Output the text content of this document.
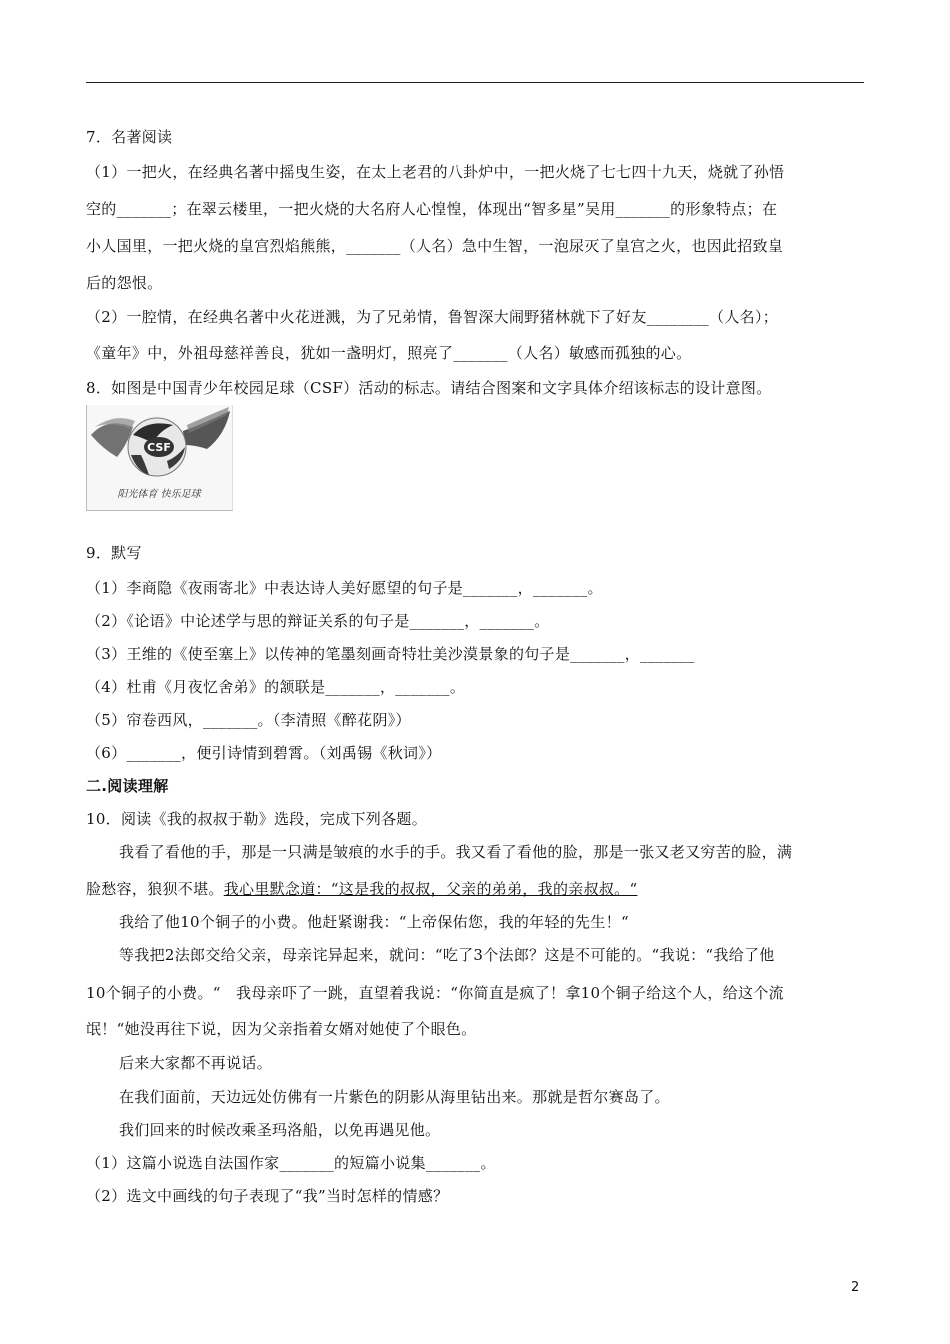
7．名著阅读
（1）一把火，在经典名著中摇曳生姿，在太上老君的八卦炉中，一把火烧了七七四十九天，烧就了孙悟
空的_______；在翠云楼里，一把火烧的大名府人心惶惶，体现出“智多星”吴用_______的形象特点；在
小人国里，一把火烧的皇宫烈焰熊熊，_______（人名）急中生智，一泡尿灭了皇宫之火，也因此招致皇
后的怨恨。
（2）一腔情，在经典名著中火花迸溅，为了兄弟情，鲁智深大闹野猪林就下了好友________（人名）；
《童年》中，外祖母慈祥善良，犹如一盏明灯，照亮了_______（人名）敏感而孤独的心。
8．如图是中国青少年校园足球（CSF）活动的标志。请结合图案和文字具体介绍该标志的设计意图。
CSF
阳光体育 快乐足球
9．默写
（1）李商隐《夜雨寄北》中表达诗人美好愿望的句子是_______，_______。
（2）《论语》中论述学与思的辩证关系的句子是_______，_______。
（3）王维的《使至塞上》以传神的笔墨刻画奇特壮美沙漠景象的句子是_______，_______
（4）杜甫《月夜忆舍弟》的颔联是_______，_______。
（5）帘卷西风，_______。（李清照《醉花阴》）
（6）_______，便引诗情到碧霄。（刘禹锡《秋词》）
二.阅读理解
10．阅读《我的叔叔于勒》选段，完成下列各题。
我看了看他的手，那是一只满是皱痕的水手的手。我又看了看他的脸，那是一张又老又穷苦的脸，满
脸愁容，狼狈不堪。我心里默念道：“这是我的叔叔，父亲的弟弟，我的亲叔叔。“
我给了他10个铜子的小费。他赶紧谢我：“上帝保佑您，我的年轻的先生！“
等我把2法郎交给父亲，母亲诧异起来，就问：“吃了3个法郎？这是不可能的。“我说：“我给了他
10个铜子的小费。“　我母亲吓了一跳，直望着我说：“你简直是疯了！拿10个铜子给这个人，给这个流
氓！“她没再往下说，因为父亲指着女婿对她使了个眼色。
后来大家都不再说话。
在我们面前，天边远处仿佛有一片紫色的阴影从海里钻出来。那就是哲尔赛岛了。
我们回来的时候改乘圣玛洛船，以免再遇见他。
（1）这篇小说选自法国作家_______的短篇小说集_______。
（2）选文中画线的句子表现了“我”当时怎样的情感？
2
